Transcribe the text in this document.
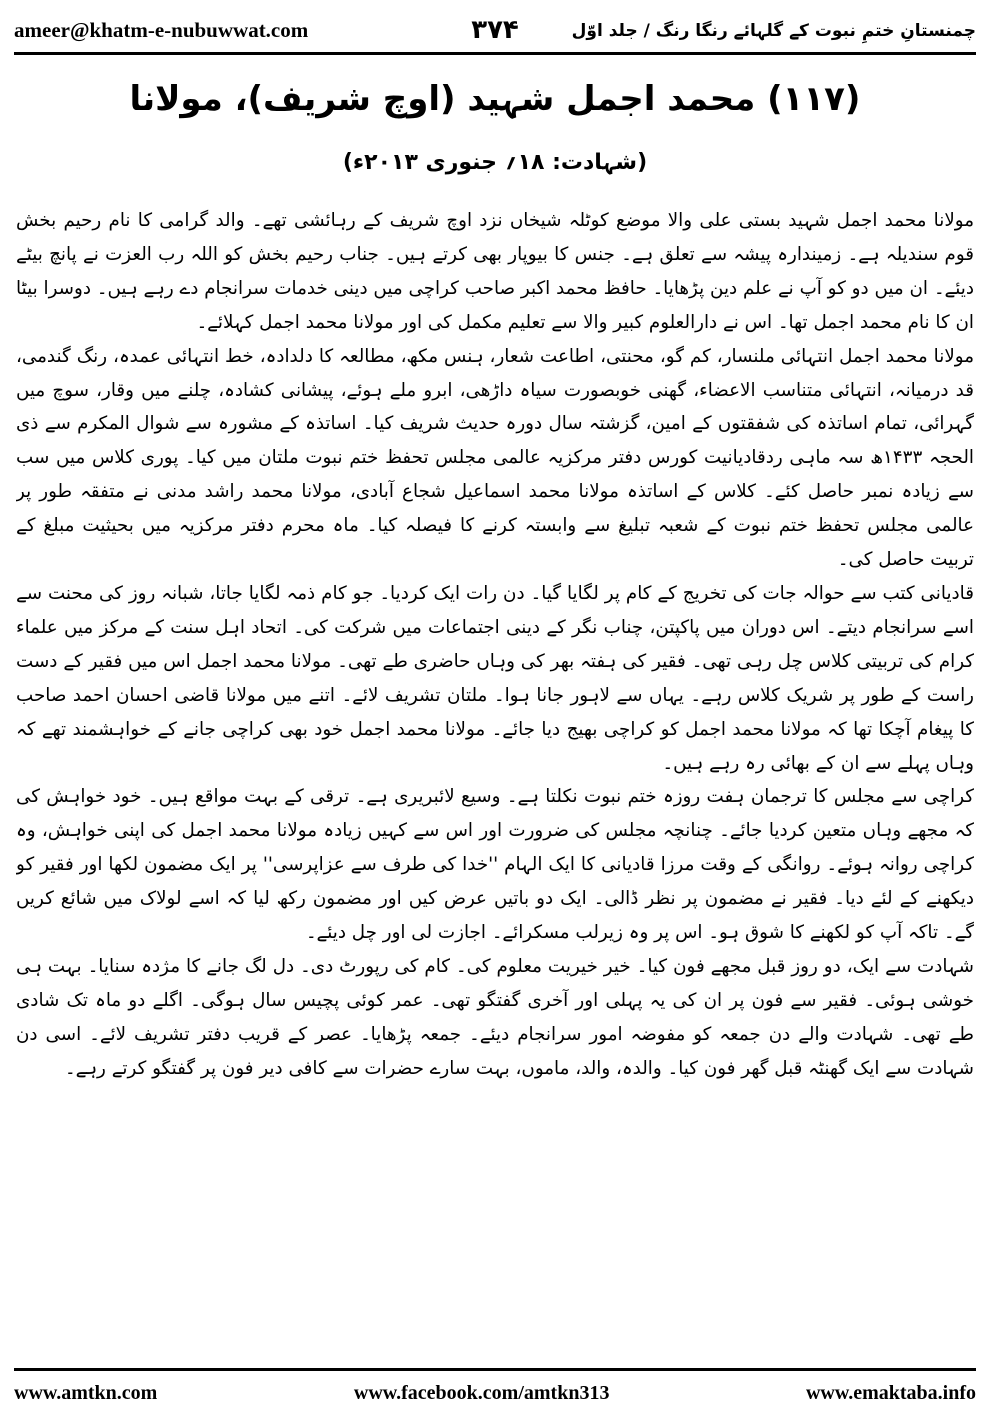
ameer@khatm-e-nubuwwat.com	۳۷۴	چمنستانِ ختمِ نبوت کے گلہائے رنگا رنگ / جلد اوّل
(۱۱۷) محمد اجمل شہید (اوچ شریف)، مولانا
(شہادت: ۱۸؍ جنوری ۲۰۱۳ء)

مولانا محمد اجمل شہید بستی علی والا موضع کوٹلہ شیخاں نزد اوچ شریف کے رہائشی تھے۔ والد گرامی کا نام رحیم بخش قوم سندیلہ ہے۔ زمیندارہ پیشہ سے تعلق ہے۔ جنس کا بیوپار بھی کرتے ہیں۔ جناب رحیم بخش کو اللہ رب العزت نے پانچ بیٹے دیئے۔ ان میں دو کو آپ نے علم دین پڑھایا۔ حافظ محمد اکبر صاحب کراچی میں دینی خدمات سرانجام دے رہے ہیں۔ دوسرا بیٹا ان کا نام محمد اجمل تھا۔ اس نے دارالعلوم کبیر والا سے تعلیم مکمل کی اور مولانا محمد اجمل کہلائے۔

مولانا محمد اجمل انتہائی ملنسار، کم گو، محنتی، اطاعت شعار، ہنس مکھ، مطالعہ کا دلدادہ، خط انتہائی عمدہ، رنگ گندمی، قد درمیانہ، انتہائی متناسب الاعضاء، گھنی خوبصورت سیاہ داڑھی، ابرو ملے ہوئے، پیشانی کشادہ، چلنے میں وقار، سوچ میں گہرائی، تمام اساتذہ کی شفقتوں کے امین، گزشتہ سال دورہ حدیث شریف کیا۔ اساتذہ کے مشورہ سے شوال المکرم سے ذی الحجہ ۱۴۳۳ھ سہ ماہی ردقادیانیت کورس دفتر مرکزیہ عالمی مجلس تحفظ ختم نبوت ملتان میں کیا۔ پوری کلاس میں سب سے زیادہ نمبر حاصل کئے۔ کلاس کے اساتذہ مولانا محمد اسماعیل شجاع آبادی، مولانا محمد راشد مدنی نے متفقہ طور پر عالمی مجلس تحفظ ختم نبوت کے شعبہ تبلیغ سے وابستہ کرنے کا فیصلہ کیا۔ ماہ محرم دفتر مرکزیہ میں بحیثیت مبلغ کے تربیت حاصل کی۔

قادیانی کتب سے حوالہ جات کی تخریج کے کام پر لگایا گیا۔ دن رات ایک کردیا۔ جو کام ذمہ لگایا جاتا، شبانہ روز کی محنت سے اسے سرانجام دیتے۔ اس دوران میں پاکپتن، چناب نگر کے دینی اجتماعات میں شرکت کی۔ اتحاد اہل سنت کے مرکز میں علماء کرام کی تربیتی کلاس چل رہی تھی۔ فقیر کی ہفتہ بھر کی وہاں حاضری طے تھی۔ مولانا محمد اجمل اس میں فقیر کے دست راست کے طور پر شریک کلاس رہے۔ یہاں سے لاہور جانا ہوا۔ ملتان تشریف لائے۔ اتنے میں مولانا قاضی احسان احمد صاحب کا پیغام آچکا تھا کہ مولانا محمد اجمل کو کراچی بھیج دیا جائے۔ مولانا محمد اجمل خود بھی کراچی جانے کے خواہشمند تھے کہ وہاں پہلے سے ان کے بھائی رہ رہے ہیں۔

کراچی سے مجلس کا ترجمان ہفت روزہ ختم نبوت نکلتا ہے۔ وسیع لائبریری ہے۔ ترقی کے بہت مواقع ہیں۔ خود خواہش کی کہ مجھے وہاں متعین کردیا جائے۔ چنانچہ مجلس کی ضرورت اور اس سے کہیں زیادہ مولانا محمد اجمل کی اپنی خواہش، وہ کراچی روانہ ہوئے۔ روانگی کے وقت مرزا قادیانی کا ایک الہام ''خدا کی طرف سے عزاپرسی'' پر ایک مضمون لکھا اور فقیر کو دیکھنے کے لئے دیا۔ فقیر نے مضمون پر نظر ڈالی۔ ایک دو باتیں عرض کیں اور مضمون رکھ لیا کہ اسے لولاک میں شائع کریں گے۔ تاکہ آپ کو لکھنے کا شوق ہو۔ اس پر وہ زیرلب مسکرائے۔ اجازت لی اور چل دیئے۔

شہادت سے ایک، دو روز قبل مجھے فون کیا۔ خیر خیریت معلوم کی۔ کام کی رپورٹ دی۔ دل لگ جانے کا مژدہ سنایا۔ بہت ہی خوشی ہوئی۔ فقیر سے فون پر ان کی یہ پہلی اور آخری گفتگو تھی۔ عمر کوئی پچیس سال ہوگی۔ اگلے دو ماہ تک شادی طے تھی۔ شہادت والے دن جمعہ کو مفوضہ امور سرانجام دیئے۔ جمعہ پڑھایا۔ عصر کے قریب دفتر تشریف لائے۔ اسی دن شہادت سے ایک گھنٹہ قبل گھر فون کیا۔ والدہ، والد، ماموں، بہت سارے حضرات سے کافی دیر فون پر گفتگو کرتے رہے۔

www.amtkn.com	www.facebook.com/amtkn313	www.emaktaba.info
